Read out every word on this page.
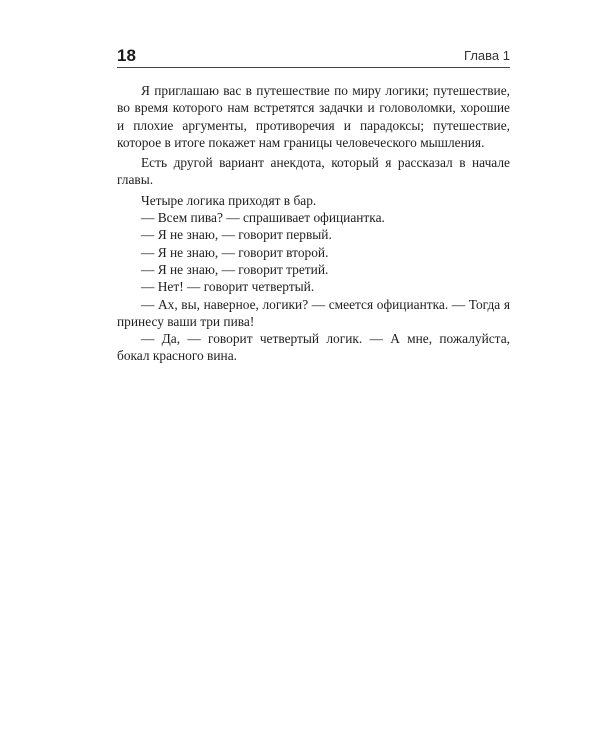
18	Глава 1

Я приглашаю вас в путешествие по миру логики; путешествие, во время которого нам встретятся задачки и головоломки, хорошие и плохие аргументы, противоречия и парадоксы; путешествие, которое в итоге покажет нам границы человеческого мышления.

Есть другой вариант анекдота, который я рассказал в начале главы.

Четыре логика приходят в бар.

— Всем пива? — спрашивает официантка.

— Я не знаю, — говорит первый.

— Я не знаю, — говорит второй.

— Я не знаю, — говорит третий.

— Нет! — говорит четвертый.

— Ах, вы, наверное, логики? — смеется официантка. — Тогда я принесу ваши три пива!

— Да, — говорит четвертый логик. — А мне, пожалуйста, бокал красного вина.
